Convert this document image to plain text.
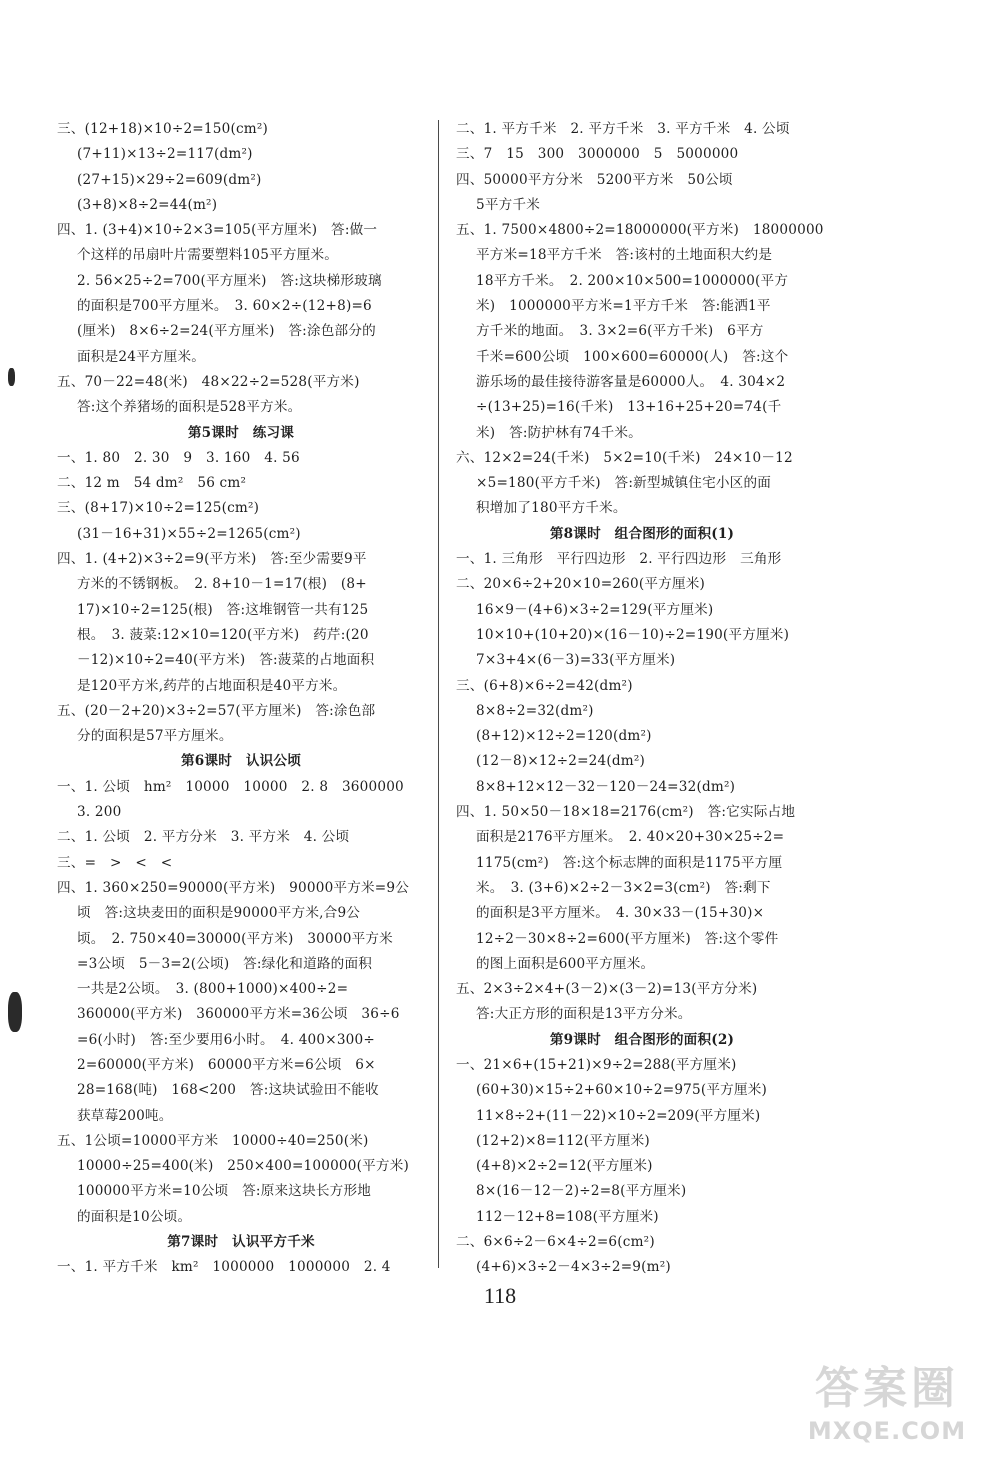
三、(12+18)×10÷2=150(cm²)
(7+11)×13÷2=117(dm²)
(27+15)×29÷2=609(dm²)
(3+8)×8÷2=44(m²)
四、1. (3+4)×10÷2×3=105(平方厘米)　答:做一
个这样的吊扇叶片需要塑料105平方厘米。
2. 56×25÷2=700(平方厘米)　答:这块梯形玻璃
的面积是700平方厘米。　3. 60×2÷(12+8)=6
(厘米)　8×6÷2=24(平方厘米)　答:涂色部分的
面积是24平方厘米。
五、70－22=48(米)　48×22÷2=528(平方米)
答:这个养猪场的面积是528平方米。
第5课时　练习课
一、1. 80　2. 30　9　3. 160　4. 56
二、12 m　54 dm²　56 cm²
三、(8+17)×10÷2=125(cm²)
(31－16+31)×55÷2=1265(cm²)
四、1. (4+2)×3÷2=9(平方米)　答:至少需要9平
方米的不锈钢板。　2. 8+10－1=17(根)　(8+
17)×10÷2=125(根)　答:这堆钢管一共有125
根。　3. 菠菜:12×10=120(平方米)　药芹:(20
－12)×10÷2=40(平方米)　答:菠菜的占地面积
是120平方米,药芹的占地面积是40平方米。
五、(20－2+20)×3÷2=57(平方厘米)　答:涂色部
分的面积是57平方厘米。
第6课时　认识公顷
一、1. 公顷　hm²　10000　10000　2. 8　3600000
3. 200
二、1. 公顷　2. 平方分米　3. 平方米　4. 公顷
三、=　>　<　<
四、1. 360×250=90000(平方米)　90000平方米=9公
顷　答:这块麦田的面积是90000平方米,合9公
顷。　2. 750×40=30000(平方米)　30000平方米
=3公顷　5－3=2(公顷)　答:绿化和道路的面积
一共是2公顷。　3. (800+1000)×400÷2=
360000(平方米)　360000平方米=36公顷　36÷6
=6(小时)　答:至少要用6小时。　4. 400×300÷
2=60000(平方米)　60000平方米=6公顷　6×
28=168(吨)　168<200　答:这块试验田不能收
获草莓200吨。
五、1公顷=10000平方米　10000÷40=250(米)
10000÷25=400(米)　250×400=100000(平方米)
100000平方米=10公顷　答:原来这块长方形地
的面积是10公顷。
第7课时　认识平方千米
一、1. 平方千米　km²　1000000　1000000　2. 4
二、1. 平方千米　2. 平方千米　3. 平方千米　4. 公顷
三、7　15　300　3000000　5　5000000
四、50000平方分米　5200平方米　50公顷
5平方千米
五、1. 7500×4800÷2=18000000(平方米)　18000000
平方米=18平方千米　答:该村的土地面积大约是
18平方千米。　2. 200×10×500=1000000(平方
米)　1000000平方米=1平方千米　答:能洒1平
方千米的地面。　3. 3×2=6(平方千米)　6平方
千米=600公顷　100×600=60000(人)　答:这个
游乐场的最佳接待游客量是60000人。　4. 304×2
÷(13+25)=16(千米)　13+16+25+20=74(千
米)　答:防护林有74千米。
六、12×2=24(千米)　5×2=10(千米)　24×10－12
×5=180(平方千米)　答:新型城镇住宅小区的面
积增加了180平方千米。
第8课时　组合图形的面积(1)
一、1. 三角形　平行四边形　2. 平行四边形　三角形
二、20×6÷2+20×10=260(平方厘米)
16×9－(4+6)×3÷2=129(平方厘米)
10×10+(10+20)×(16－10)÷2=190(平方厘米)
7×3+4×(6－3)=33(平方厘米)
三、(6+8)×6÷2=42(dm²)
8×8÷2=32(dm²)
(8+12)×12÷2=120(dm²)
(12－8)×12÷2=24(dm²)
8×8+12×12－32－120－24=32(dm²)
四、1. 50×50－18×18=2176(cm²)　答:它实际占地
面积是2176平方厘米。　2. 40×20+30×25÷2=
1175(cm²)　答:这个标志牌的面积是1175平方厘
米。　3. (3+6)×2÷2－3×2=3(cm²)　答:剩下
的面积是3平方厘米。　4. 30×33－(15+30)×
12÷2－30×8÷2=600(平方厘米)　答:这个零件
的图上面积是600平方厘米。
五、2×3÷2×4+(3－2)×(3－2)=13(平方分米)
答:大正方形的面积是13平方分米。
第9课时　组合图形的面积(2)
一、21×6+(15+21)×9÷2=288(平方厘米)
(60+30)×15÷2+60×10÷2=975(平方厘米)
11×8÷2+(11－22)×10÷2=209(平方厘米)
(12+2)×8=112(平方厘米)
(4+8)×2÷2=12(平方厘米)
8×(16－12－2)÷2=8(平方厘米)
112－12+8=108(平方厘米)
二、6×6÷2－6×4÷2=6(cm²)
(4+6)×3÷2－4×3÷2=9(m²)
118
答案圈
MXQE.COM
